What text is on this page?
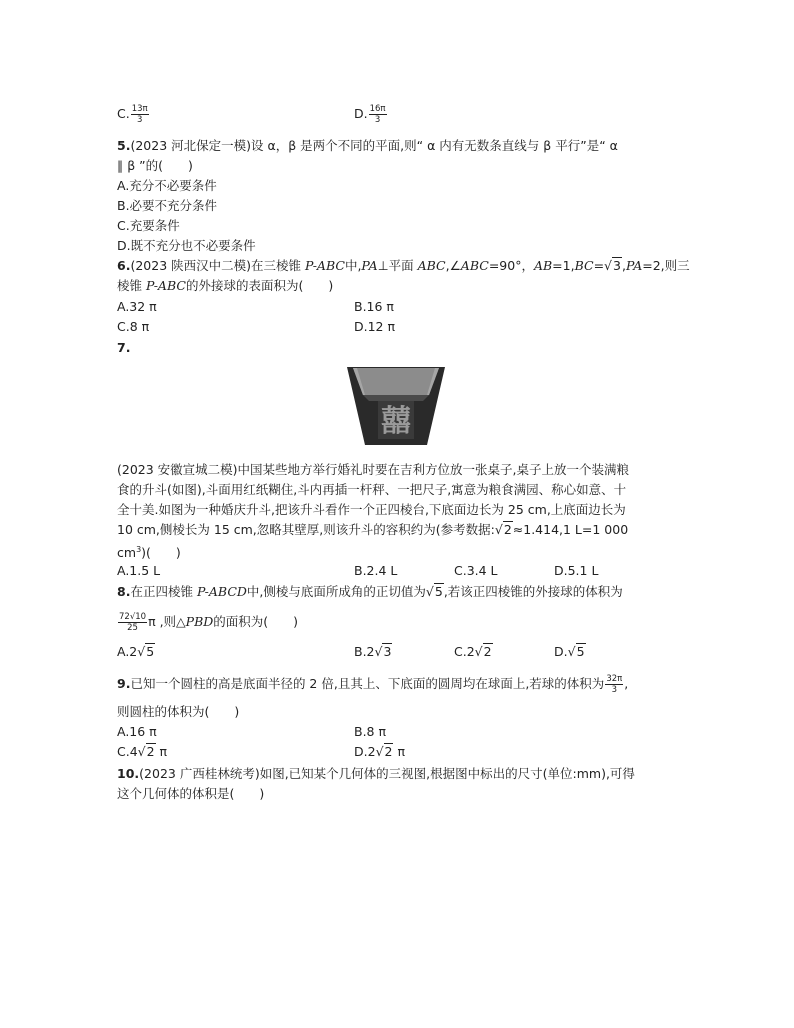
C. $\frac{13\pi}{3}$	D. $\frac{16\pi}{3}$
5.(2023 河北保定一模)设 α，β 是两个不同的平面,则“ α 内有无数条直线与 β 平行”是“ α
∥ β ”的(　　)
A.充分不必要条件
B.必要不充分条件
C.充要条件
D.既不充分也不必要条件
6.(2023 陕西汉中二模)在三棱锥 P-ABC中,PA⊥平面 ABC,∠ABC=90°，AB=1,BC=√3,PA=2,则三
棱锥 P-ABC的外接球的表面积为(　　)
A.32 π	B.16 π
C.8 π	D.12 π
7.
囍
(2023 安徽宣城二模)中国某些地方举行婚礼时要在吉利方位放一张桌子,桌子上放一个装满粮
食的升斗(如图),斗面用红纸糊住,斗内再插一杆秤、一把尺子,寓意为粮食满园、称心如意、十
全十美.如图为一种婚庆升斗,把该升斗看作一个正四棱台,下底面边长为 25 cm,上底面边长为
10 cm,侧棱长为 15 cm,忽略其壁厚,则该升斗的容积约为(参考数据:√2≈1.414,1 L=1 000
$cm^3$)(　　)
A.1.5 L	B.2.4 L	C.3.4 L	D.5.1 L
8.在正四棱锥 P-ABCD中,侧棱与底面所成角的正切值为√5,若该正四棱锥的外接球的体积为
$\frac{72√10}{25}$ π ,则△PBD的面积为(　　)
A.2√5	B.2√3	C.2√2	D.√5
9.已知一个圆柱的高是底面半径的 2 倍,且其上、下底面的圆周均在球面上,若球的体积为 $\frac{32\pi}{3}$ ,
则圆柱的体积为(　　)
A.16 π	B.8 π
C.4√2 π	D.2√2 π
10.(2023 广西桂林统考)如图,已知某个几何体的三视图,根据图中标出的尺寸(单位:mm),可得
这个几何体的体积是(　　)
